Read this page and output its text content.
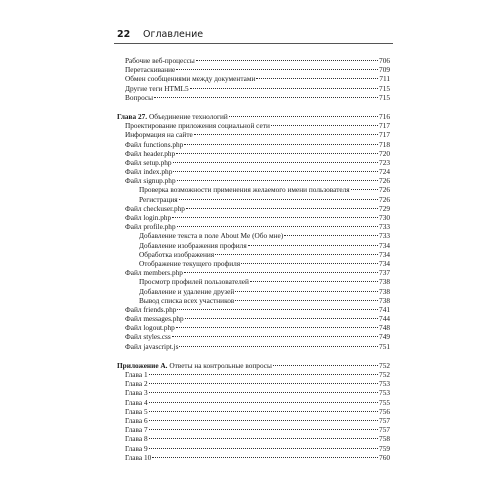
22	Оглавление
Рабочие веб-процессы	706
Перетаскивание	709
Обмен сообщениями между документами	711
Другие теги HTML5	715
Вопросы	715
Глава 27. Объединение технологий	716
Проектирование приложения социальной сети	717
Информация на сайте	717
Файл functions.php	718
Файл header.php	720
Файл setup.php	723
Файл index.php	724
Файл signup.php	726
Проверка возможности применения желаемого имени пользователя	726
Регистрация	726
Файл checkuser.php	729
Файл login.php	730
Файл profile.php	733
Добавление текста в поле About Me (Обо мне)	733
Добавление изображения профиля	734
Обработка изображения	734
Отображение текущего профиля	734
Файл members.php	737
Просмотр профилей пользователей	738
Добавление и удаление друзей	738
Вывод списка всех участников	738
Файл friends.php	741
Файл messages.php	744
Файл logout.php	748
Файл styles.css	749
Файл javascript.js	751
Приложение А. Ответы на контрольные вопросы	752
Глава 1	752
Глава 2	753
Глава 3	753
Глава 4	755
Глава 5	756
Глава 6	757
Глава 7	757
Глава 8	758
Глава 9	759
Глава 10	760
